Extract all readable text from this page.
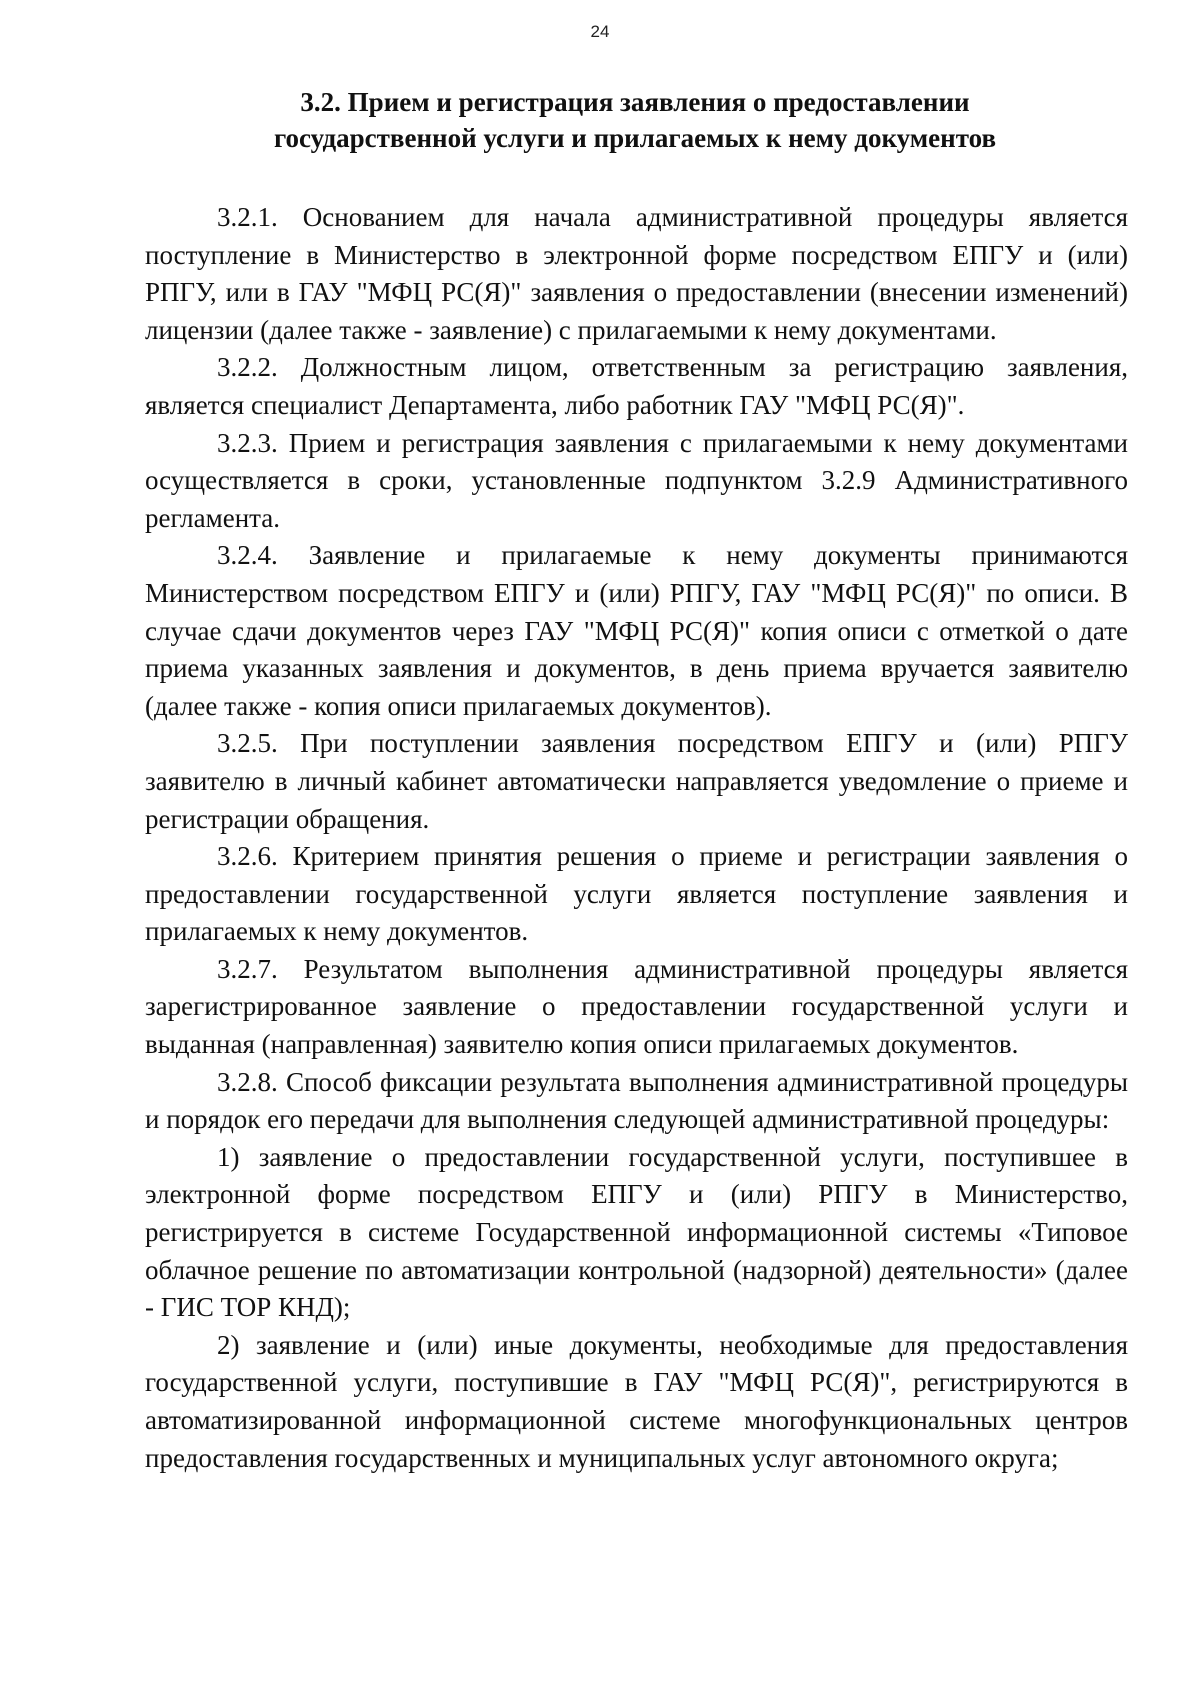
24
3.2. Прием и регистрация заявления о предоставлении
государственной услуги и прилагаемых к нему документов

3.2.1. Основанием для начала административной процедуры является поступление в Министерство в электронной форме посредством ЕПГУ и (или) РПГУ, или в ГАУ "МФЦ РС(Я)" заявления о предоставлении (внесении изменений) лицензии (далее также - заявление) с прилагаемыми к нему документами.

3.2.2. Должностным лицом, ответственным за регистрацию заявления, является специалист Департамента, либо работник ГАУ "МФЦ РС(Я)".

3.2.3. Прием и регистрация заявления с прилагаемыми к нему документами осуществляется в сроки, установленные подпунктом 3.2.9 Административного регламента.

3.2.4. Заявление и прилагаемые к нему документы принимаются Министерством посредством ЕПГУ и (или) РПГУ, ГАУ "МФЦ РС(Я)" по описи. В случае сдачи документов через ГАУ "МФЦ РС(Я)" копия описи с отметкой о дате приема указанных заявления и документов, в день приема вручается заявителю (далее также - копия описи прилагаемых документов).

3.2.5. При поступлении заявления посредством ЕПГУ и (или) РПГУ заявителю в личный кабинет автоматически направляется уведомление о приеме и регистрации обращения.

3.2.6. Критерием принятия решения о приеме и регистрации заявления о предоставлении государственной услуги является поступление заявления и прилагаемых к нему документов.

3.2.7. Результатом выполнения административной процедуры является зарегистрированное заявление о предоставлении государственной услуги и выданная (направленная) заявителю копия описи прилагаемых документов.

3.2.8. Способ фиксации результата выполнения административной процедуры и порядок его передачи для выполнения следующей административной процедуры:

1) заявление о предоставлении государственной услуги, поступившее в электронной форме посредством ЕПГУ и (или) РПГУ в Министерство, регистрируется в системе Государственной информационной системы «Типовое облачное решение по автоматизации контрольной (надзорной) деятельности» (далее - ГИС ТОР КНД);

2) заявление и (или) иные документы, необходимые для предоставления государственной услуги, поступившие в ГАУ "МФЦ РС(Я)", регистрируются в автоматизированной информационной системе многофункциональных центров предоставления государственных и муниципальных услуг автономного округа;
